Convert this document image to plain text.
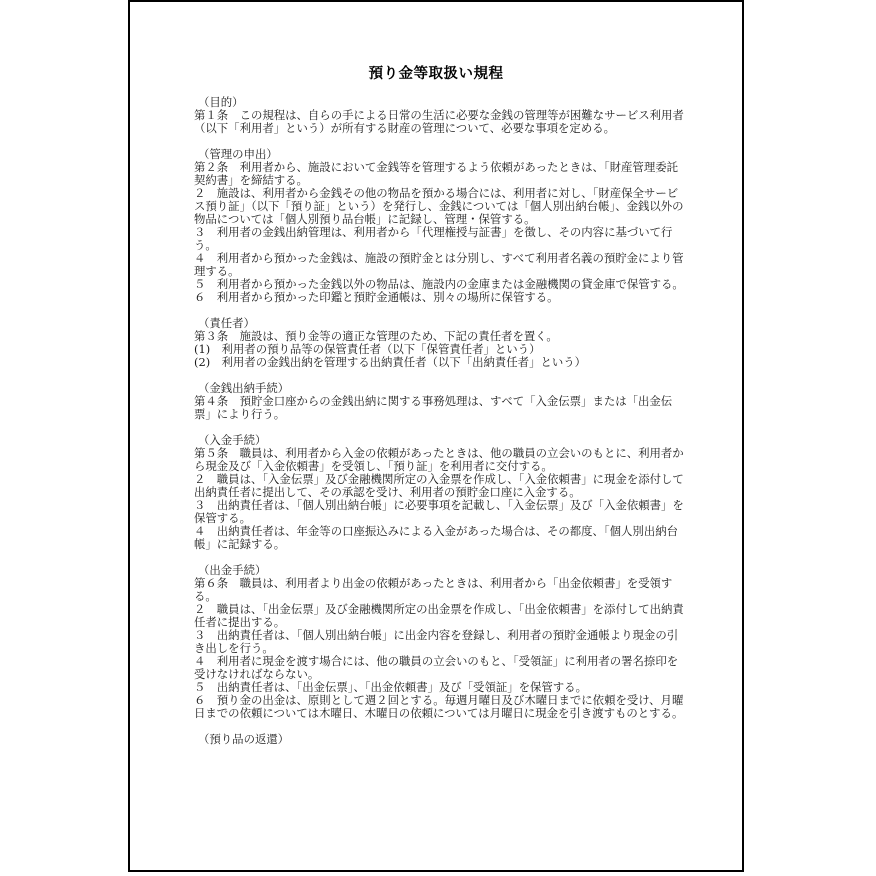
預り金等取扱い規程

（目的）

第１条　この規程は、自らの手による日常の生活に必要な金銭の管理等が困難なサービス利用者（以下「利用者」という）が所有する財産の管理について、必要な事項を定める。

（管理の申出）

第２条　利用者から、施設において金銭等を管理するよう依頼があったときは、「財産管理委託契約書」を締結する。

２　施設は、利用者から金銭その他の物品を預かる場合には、利用者に対し、「財産保全サービス預り証」（以下「預り証」という）を発行し、金銭については「個人別出納台帳」、金銭以外の物品については「個人別預り品台帳」に記録し、管理・保管する。

３　利用者の金銭出納管理は、利用者から「代理権授与証書」を徴し、その内容に基づいて行う。

４　利用者から預かった金銭は、施設の預貯金とは分別し、すべて利用者名義の預貯金により管理する。

５　利用者から預かった金銭以外の物品は、施設内の金庫または金融機関の貸金庫で保管する。

６　利用者から預かった印鑑と預貯金通帳は、別々の場所に保管する。

（責任者）

第３条　施設は、預り金等の適正な管理のため、下記の責任者を置く。

(1)　利用者の預り品等の保管責任者（以下「保管責任者」という）

(2)　利用者の金銭出納を管理する出納責任者（以下「出納責任者」という）

（金銭出納手続）

第４条　預貯金口座からの金銭出納に関する事務処理は、すべて「入金伝票」または「出金伝票」により行う。

（入金手続）

第５条　職員は、利用者から入金の依頼があったときは、他の職員の立会いのもとに、利用者から現金及び「入金依頼書」を受領し、「預り証」を利用者に交付する。

２　職員は、「入金伝票」及び金融機関所定の入金票を作成し、「入金依頼書」に現金を添付して出納責任者に提出して、その承認を受け、利用者の預貯金口座に入金する。

３　出納責任者は、「個人別出納台帳」に必要事項を記載し、「入金伝票」及び「入金依頼書」を保管する。

４　出納責任者は、年金等の口座振込みによる入金があった場合は、その都度、「個人別出納台帳」に記録する。

（出金手続）

第６条　職員は、利用者より出金の依頼があったときは、利用者から「出金依頼書」を受領する。

２　職員は、「出金伝票」及び金融機関所定の出金票を作成し、「出金依頼書」を添付して出納責任者に提出する。

３　出納責任者は、「個人別出納台帳」に出金内容を登録し、利用者の預貯金通帳より現金の引き出しを行う。

４　利用者に現金を渡す場合には、他の職員の立会いのもと、「受領証」に利用者の署名捺印を受けなければならない。

５　出納責任者は、「出金伝票」、「出金依頼書」及び「受領証」を保管する。

６　預り金の出金は、原則として週２回とする。毎週月曜日及び木曜日までに依頼を受け、月曜日までの依頼については木曜日、木曜日の依頼については月曜日に現金を引き渡すものとする。

（預り品の返還）
